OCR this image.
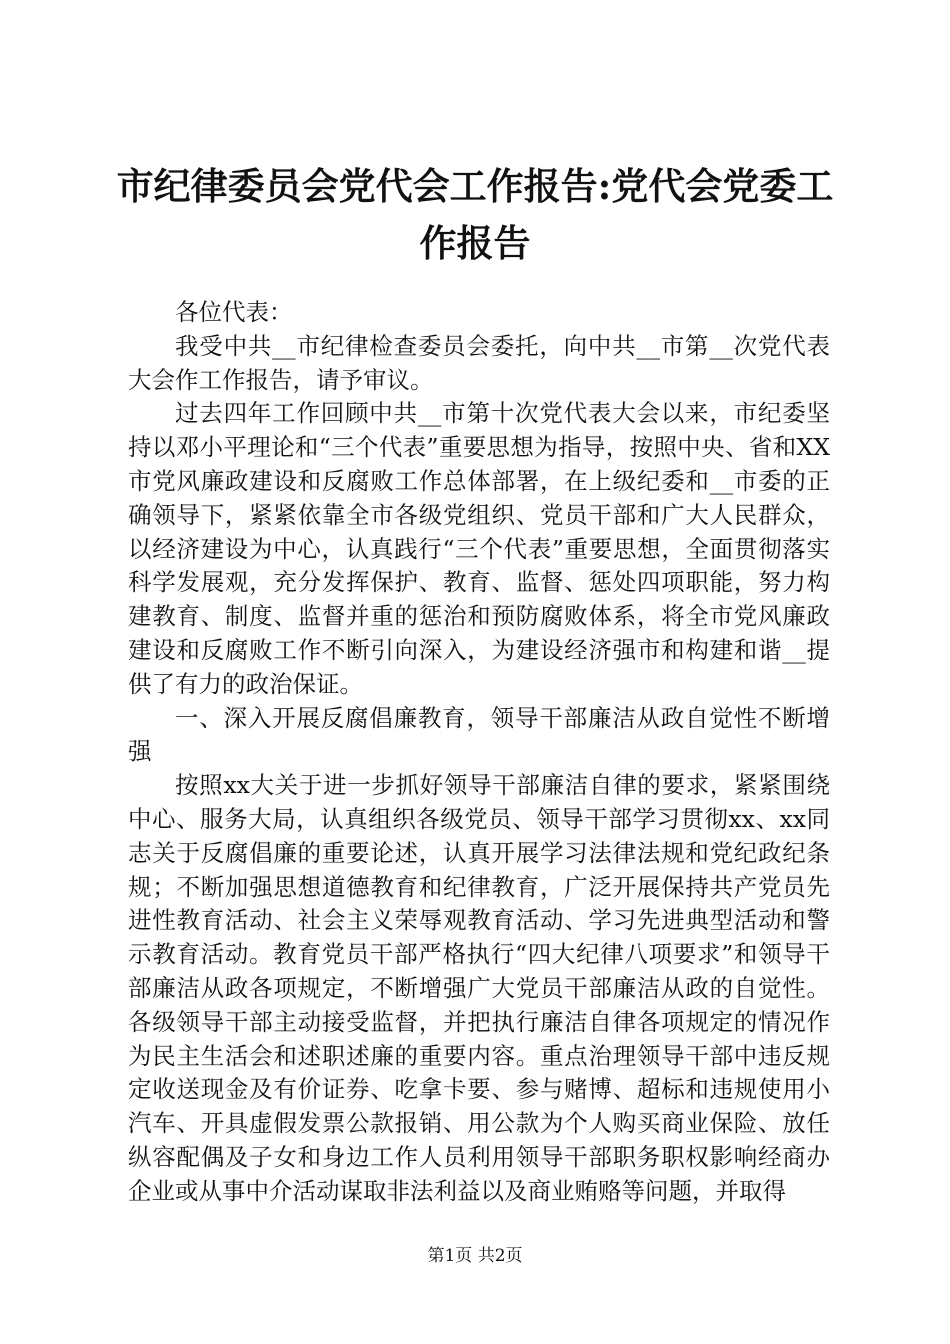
市纪律委员会党代会工作报告:党代会党委工作报告

各位代表：

我受中共__市纪律检查委员会委托，向中共__市第__次党代表大会作工作报告，请予审议。

过去四年工作回顾中共__市第十次党代表大会以来，市纪委坚持以邓小平理论和“三个代表”重要思想为指导，按照中央、省和XX市党风廉政建设和反腐败工作总体部署，在上级纪委和__市委的正确领导下，紧紧依靠全市各级党组织、党员干部和广大人民群众，以经济建设为中心，认真践行“三个代表”重要思想，全面贯彻落实科学发展观，充分发挥保护、教育、监督、惩处四项职能，努力构建教育、制度、监督并重的惩治和预防腐败体系，将全市党风廉政建设和反腐败工作不断引向深入，为建设经济强市和构建和谐__提供了有力的政治保证。

一、深入开展反腐倡廉教育，领导干部廉洁从政自觉性不断增强

按照xx大关于进一步抓好领导干部廉洁自律的要求，紧紧围绕中心、服务大局，认真组织各级党员、领导干部学习贯彻xx、xx同志关于反腐倡廉的重要论述，认真开展学习法律法规和党纪政纪条规；不断加强思想道德教育和纪律教育，广泛开展保持共产党员先进性教育活动、社会主义荣辱观教育活动、学习先进典型活动和警示教育活动。教育党员干部严格执行“四大纪律八项要求”和领导干部廉洁从政各项规定，不断增强广大党员干部廉洁从政的自觉性。各级领导干部主动接受监督，并把执行廉洁自律各项规定的情况作为民主生活会和述职述廉的重要内容。重点治理领导干部中违反规定收送现金及有价证券、吃拿卡要、参与赌博、超标和违规使用小汽车、开具虚假发票公款报销、用公款为个人购买商业保险、放任纵容配偶及子女和身边工作人员利用领导干部职务职权影响经商办企业或从事中介活动谋取非法利益以及商业贿赂等问题，并取得

第1页 共2页
